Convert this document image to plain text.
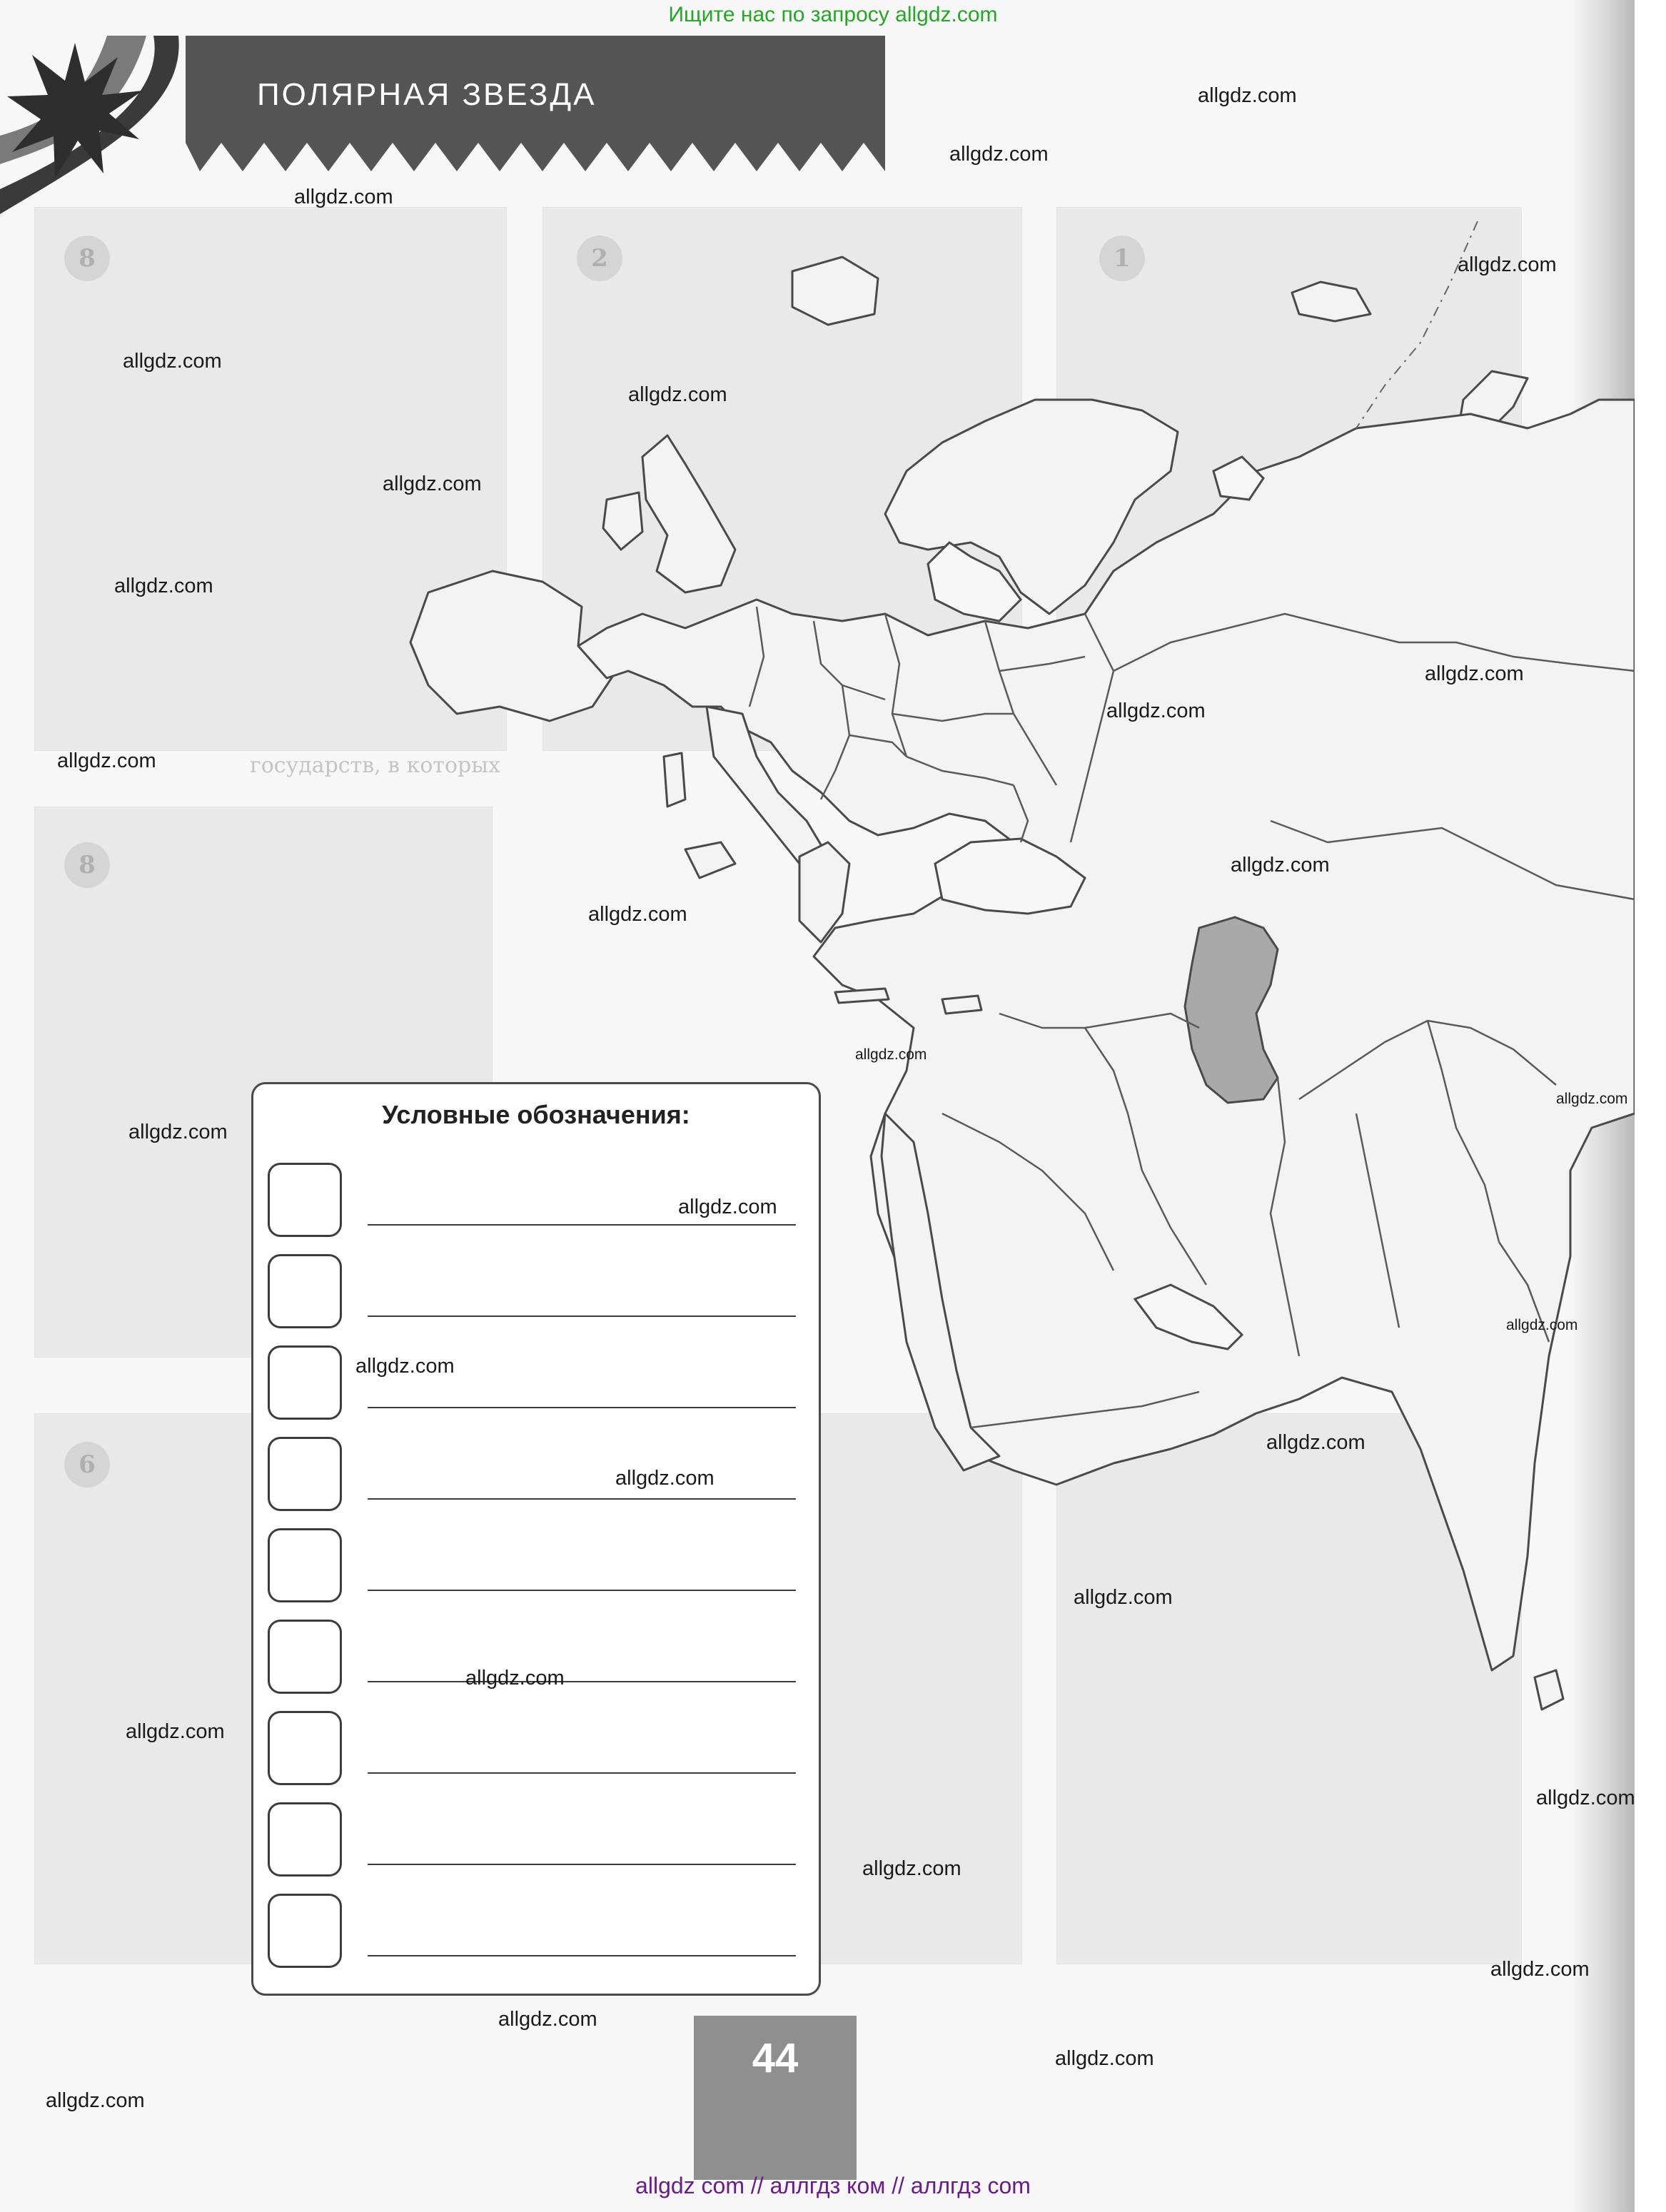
8	2	1
8
6
государств, в которых
ПОЛЯРНАЯ ЗВЕЗДА
Условные обозначения:
44
allgdz.com
allgdz.com
allgdz.com
allgdz.com
allgdz.com
allgdz.com
allgdz.com
allgdz.com
allgdz.com
allgdz.com
allgdz.com
allgdz.com
allgdz.com
allgdz.com
allgdz.com
allgdz.com
allgdz.com
allgdz.com
allgdz.com
allgdz.com
allgdz.com
allgdz.com
allgdz.com
allgdz.com
allgdz.com
allgdz.com
allgdz.com
allgdz.com
allgdz.com
allgdz.com
Ищите нас по запросу allgdz.com
allgdz com // аллгдз ком // аллгдз com
